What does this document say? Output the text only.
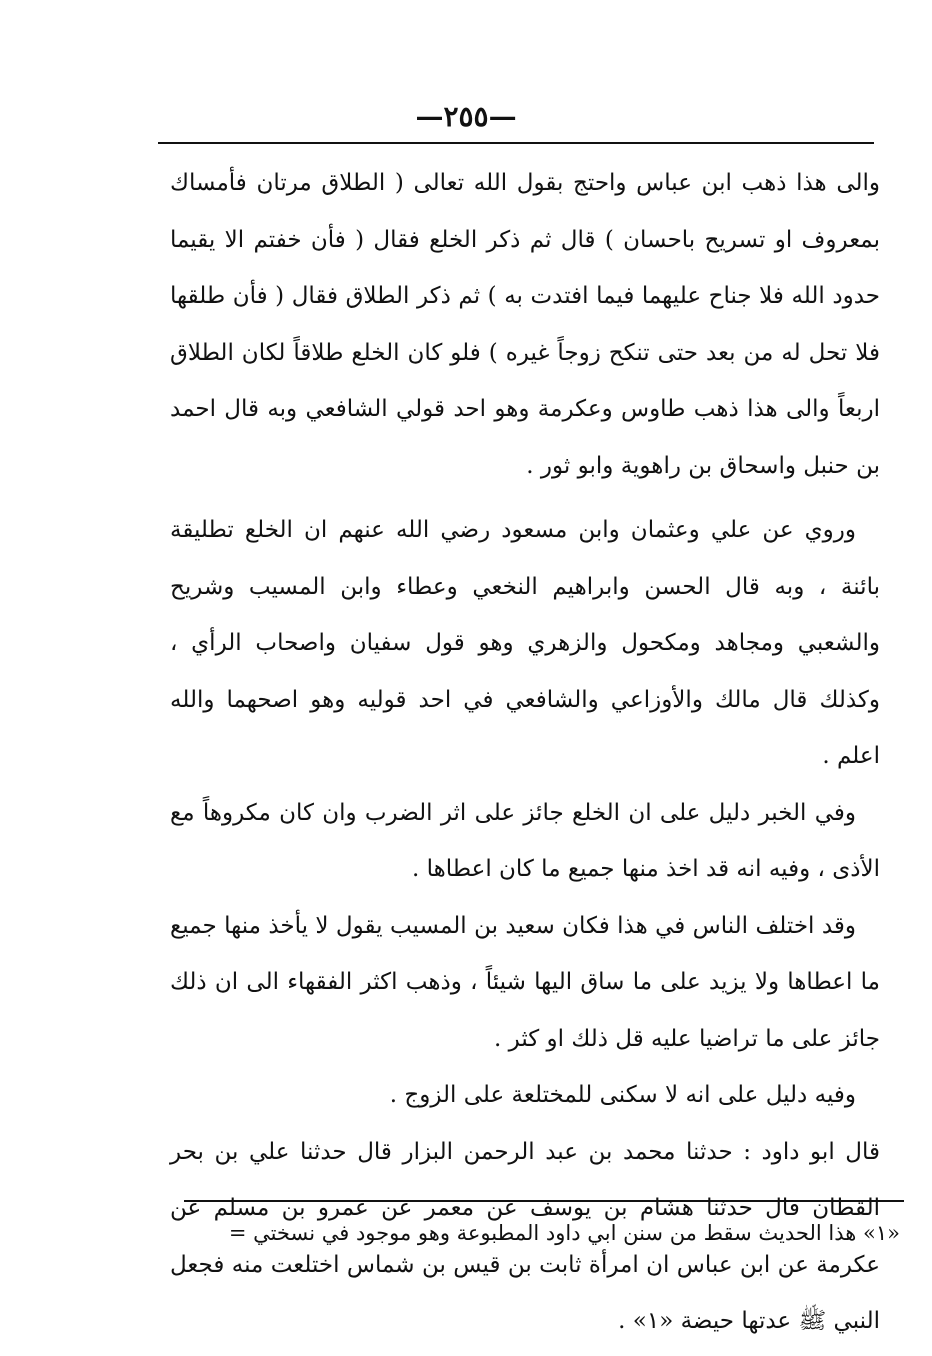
—٢٥٥—

والى هذا ذهب ابن عباس واحتج بقول الله تعالى ( الطلاق مرتان فأمساك بمعروف او تسريح باحسان ) قال ثم ذكر الخلع فقال ( فأن خفتم الا يقيما حدود الله فلا جناح عليهما فيما افتدت به ) ثم ذكر الطلاق فقال ( فأن طلقها فلا تحل له من بعد حتى تنكح زوجاً غيره ) فلو كان الخلع طلاقاً لكان الطلاق اربعاً والى هذا ذهب طاوس وعكرمة وهو احد قولي الشافعي وبه قال احمد بن حنبل واسحاق بن راهوية وابو ثور .

وروي عن علي وعثمان وابن مسعود رضي الله عنهم ان الخلع تطليقة بائنة ، وبه قال الحسن وابراهيم النخعي وعطاء وابن المسيب وشريح والشعبي ومجاهد ومكحول والزهري وهو قول سفيان واصحاب الرأي ، وكذلك قال مالك والأوزاعي والشافعي في احد قوليه وهو اصحهما والله اعلم .

وفي الخبر دليل على ان الخلع جائز على اثر الضرب وان كان مكروهاً مع الأذى ، وفيه انه قد اخذ منها جميع ما كان اعطاها .

وقد اختلف الناس في هذا فكان سعيد بن المسيب يقول لا يأخذ منها جميع ما اعطاها ولا يزيد على ما ساق اليها شيئاً ، وذهب اكثر الفقهاء الى ان ذلك جائز على ما تراضيا عليه قل ذلك او كثر .

وفيه دليل على انه لا سكنى للمختلعة على الزوج .

قال ابو داود : حدثنا محمد بن عبد الرحمن البزار قال حدثنا علي بن بحر القطان قال حدثنا هشام بن يوسف عن معمر عن عمرو بن مسلم عن عكرمة عن ابن عباس ان امرأة ثابت بن قيس بن شماس اختلعت منه فجعل النبي ﷺ عدتها حيضة «١» .

«١» هذا الحديث سقط من سنن ابي داود المطبوعة وهو موجود في نسختي =
